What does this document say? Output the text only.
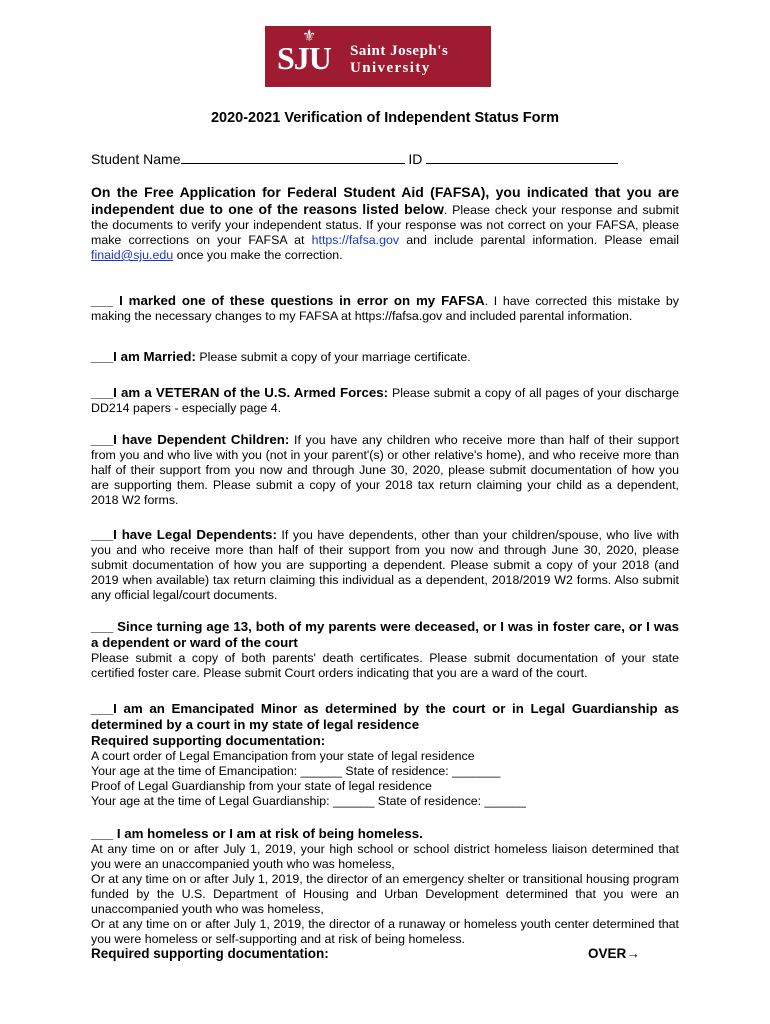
⚜
SJU Saint Joseph's
University
2020-2021 Verification of Independent Status Form
Student Name	ID
On the Free Application for Federal Student Aid (FAFSA), you indicated that you are independent due to one of the reasons listed below. Please check your response and submit the documents to verify your independent status. If your response was not correct on your FAFSA, please make corrections on your FAFSA at https://fafsa.gov and include parental information. Please email finaid@sju.edu once you make the correction.
___ I marked one of these questions in error on my FAFSA. I have corrected this mistake by making the necessary changes to my FAFSA at https://fafsa.gov and included parental information.
___I am Married: Please submit a copy of your marriage certificate.
___I am a VETERAN of the U.S. Armed Forces: Please submit a copy of all pages of your discharge DD214 papers - especially page 4.
___I have Dependent Children: If you have any children who receive more than half of their support from you and who live with you (not in your parent'(s) or other relative's home), and who receive more than half of their support from you now and through June 30, 2020, please submit documentation of how you are supporting them. Please submit a copy of your 2018 tax return claiming your child as a dependent, 2018 W2 forms.
___I have Legal Dependents: If you have dependents, other than your children/spouse, who live with you and who receive more than half of their support from you now and through June 30, 2020, please submit documentation of how you are supporting a dependent. Please submit a copy of your 2018 (and 2019 when available) tax return claiming this individual as a dependent, 2018/2019 W2 forms. Also submit any official legal/court documents.
___ Since turning age 13, both of my parents were deceased, or I was in foster care, or I was a dependent or ward of the court
Please submit a copy of both parents' death certificates. Please submit documentation of your state certified foster care. Please submit Court orders indicating that you are a ward of the court.
___I am an Emancipated Minor as determined by the court or in Legal Guardianship as determined by a court in my state of legal residence
Required supporting documentation:
A court order of Legal Emancipation from your state of legal residence
Your age at the time of Emancipation: ______ State of residence: _______
Proof of Legal Guardianship from your state of legal residence
Your age at the time of Legal Guardianship: ______ State of residence: ______
___ I am homeless or I am at risk of being homeless.
At any time on or after July 1, 2019, your high school or school district homeless liaison determined that you were an unaccompanied youth who was homeless,
Or at any time on or after July 1, 2019, the director of an emergency shelter or transitional housing program funded by the U.S. Department of Housing and Urban Development determined that you were an unaccompanied youth who was homeless,
Or at any time on or after July 1, 2019, the director of a runaway or homeless youth center determined that you were homeless or self-supporting and at risk of being homeless.
Required supporting documentation:	OVER→
